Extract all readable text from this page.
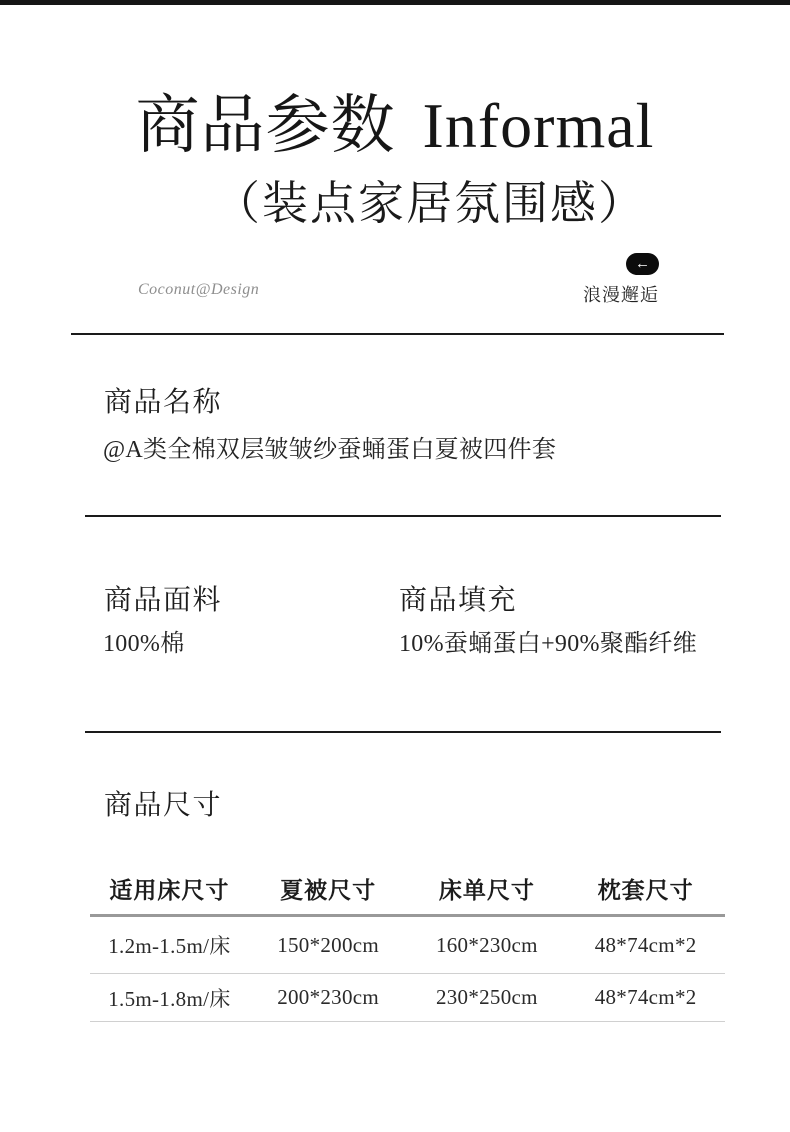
商品参数 Informal
（装点家居氛围感）
Coconut@Design
←
浪漫邂逅
商品名称

@A类全棉双层皱皱纱蚕蛹蛋白夏被四件套

商品面料

100%棉

商品填充

10%蚕蛹蛋白+90%聚酯纤维

商品尺寸
适用床尺寸	夏被尺寸	床单尺寸	枕套尺寸
1.2m-1.5m/床	150*200cm	160*230cm	48*74cm*2
1.5m-1.8m/床	200*230cm	230*250cm	48*74cm*2
